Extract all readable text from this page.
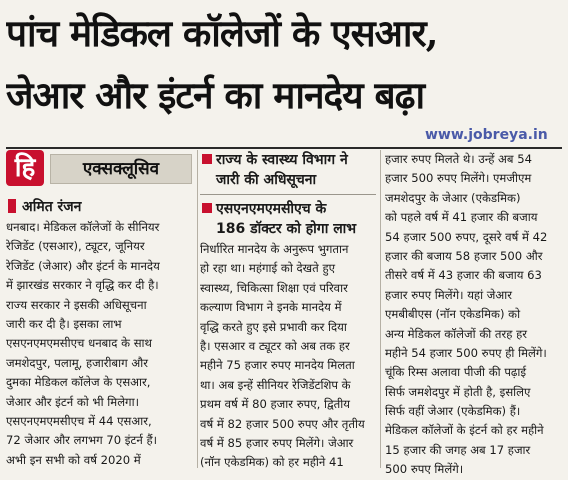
पांच मेडिकल कॉलेजों के एसआर,
जेआर और इंटर्न का मानदेय बढ़ा
www.jobreya.in
हि	एक्सक्लूसिव
अमित रंजन
राज्य के स्वास्थ्य विभाग ने
जारी की अधिसूचना
एसएनएमएमसीएच के
186 डॉक्टर को होगा लाभ
धनबाद। मेडिकल कॉलेजों के सीनियर
रेजिडेंट (एसआर), ट्यूटर, जूनियर
रेजिडेंट (जेआर) और इंटर्न के मानदेय
में झारखंड सरकार ने वृद्धि कर दी है।
राज्य सरकार ने इसकी अधिसूचना
जारी कर दी है। इसका लाभ
एसएनएमएमसीएच धनबाद के साथ
जमशेदपुर, पलामू, हजारीबाग और
दुमका मेडिकल कॉलेज के एसआर,
जेआर और इंटर्न को भी मिलेगा।
एसएनएमएमसीएच में 44 एसआर,
72 जेआर और लगभग 70 इंटर्न हैं।
अभी इन सभी को वर्ष 2020 में
निर्धारित मानदेय के अनुरूप भुगतान
हो रहा था। महंगाई को देखते हुए
स्वास्थ्य, चिकित्सा शिक्षा एवं परिवार
कल्याण विभाग ने इनके मानदेय में
वृद्धि करते हुए इसे प्रभावी कर दिया
है। एसआर व ट्यूटर को अब तक हर
महीने 75 हजार रुपए मानदेय मिलता
था। अब इन्हें सीनियर रेजिडेंटशिप के
प्रथम वर्ष में 80 हजार रुपए, द्वितीय
वर्ष में 82 हजार 500 रुपए और तृतीय
वर्ष में 85 हजार रुपए मिलेंगे। जेआर
(नॉन एकेडमिक) को हर महीने 41
हजार रुपए मिलते थे। उन्हें अब 54
हजार 500 रुपए मिलेंगे। एमजीएम
जमशेदपुर के जेआर (एकेडमिक)
को पहले वर्ष में 41 हजार की बजाय
54 हजार 500 रुपए, दूसरे वर्ष में 42
हजार की बजाय 58 हजार 500 और
तीसरे वर्ष में 43 हजार की बजाय 63
हजार रुपए मिलेंगे। यहां जेआर
एमबीबीएस (नॉन एकेडमिक) को
अन्य मेडिकल कॉलेजों की तरह हर
महीने 54 हजार 500 रुपए ही मिलेंगे।
चूंकि रिम्स अलावा पीजी की पढ़ाई
सिर्फ जमशेदपुर में होती है, इसलिए
सिर्फ वहीं जेआर (एकेडमिक) हैं।
मेडिकल कॉलेजों के इंटर्न को हर महीने
15 हजार की जगह अब 17 हजार
500 रुपए मिलेंगे।
